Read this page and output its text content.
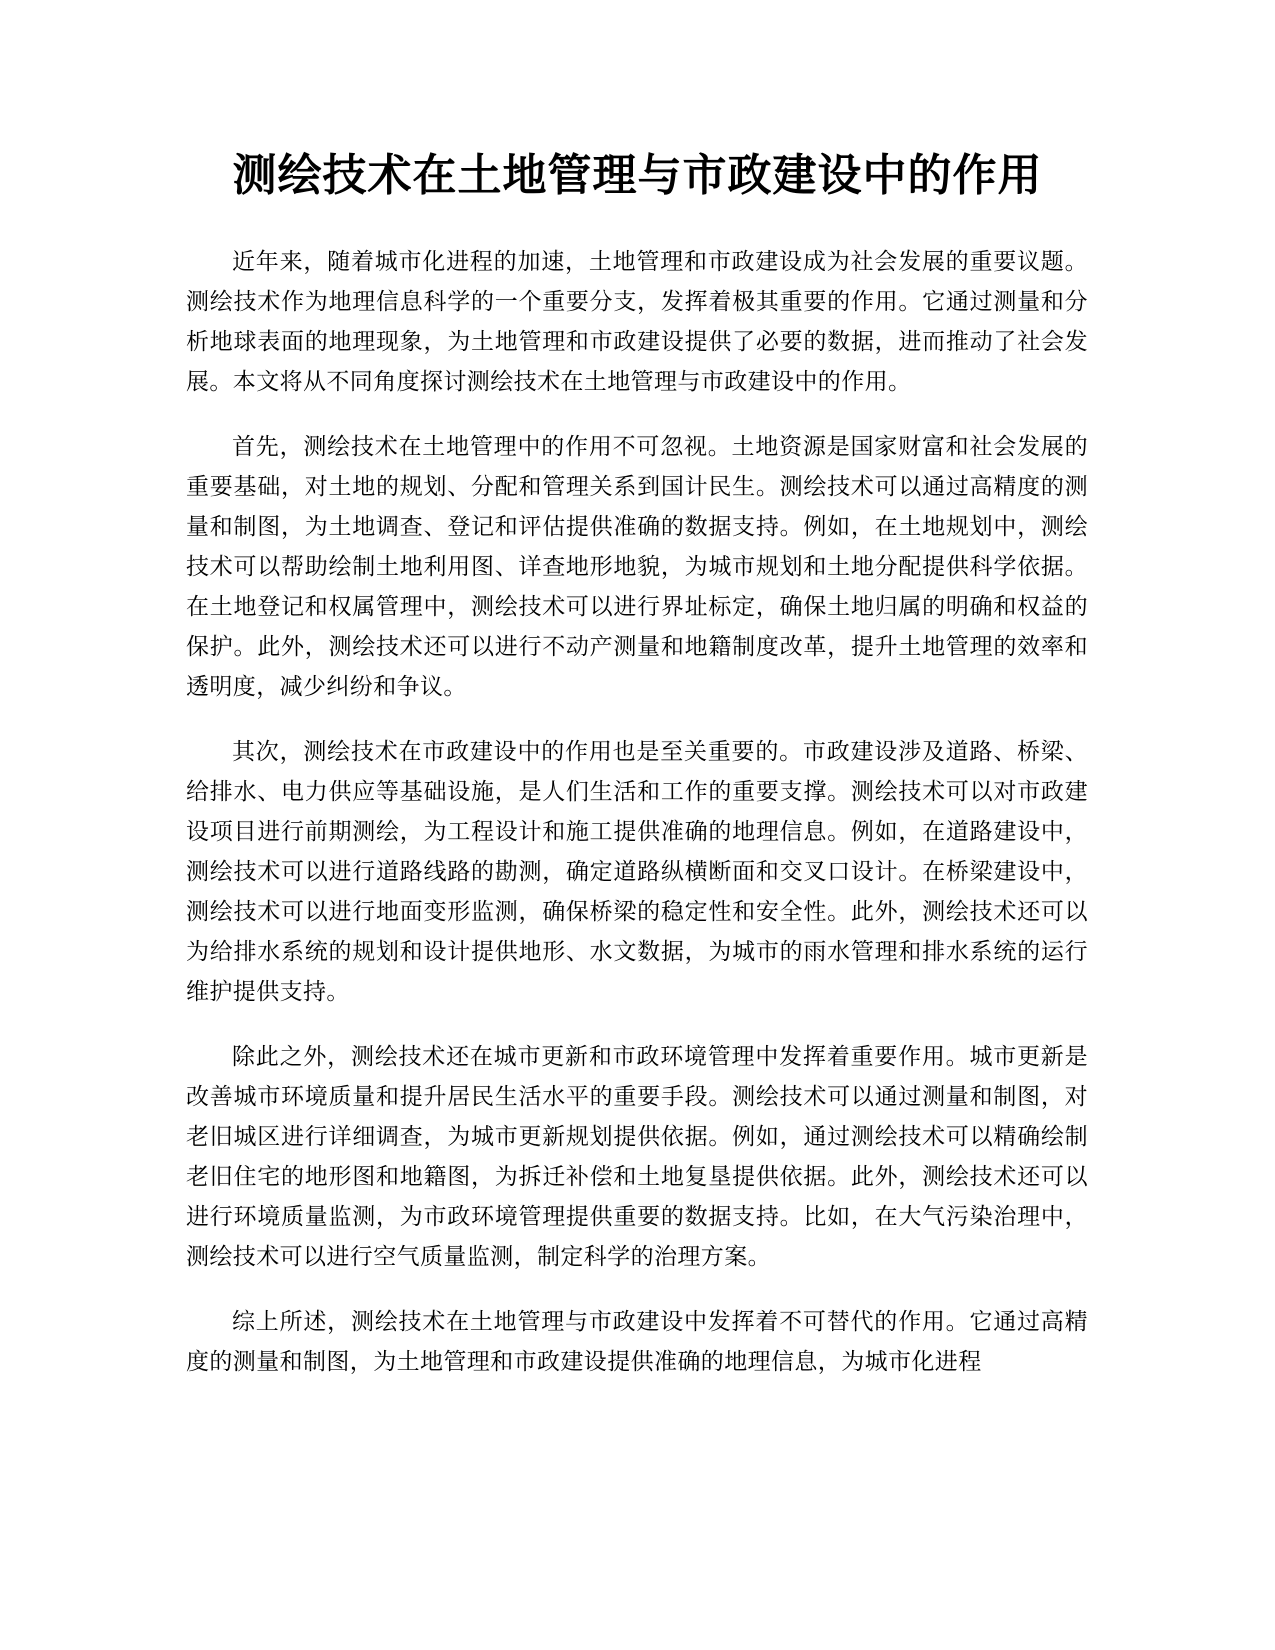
测绘技术在土地管理与市政建设中的作用

近年来，随着城市化进程的加速，土地管理和市政建设成为社会发展的重要议题。测绘技术作为地理信息科学的一个重要分支，发挥着极其重要的作用。它通过测量和分析地球表面的地理现象，为土地管理和市政建设提供了必要的数据，进而推动了社会发展。本文将从不同角度探讨测绘技术在土地管理与市政建设中的作用。

首先，测绘技术在土地管理中的作用不可忽视。土地资源是国家财富和社会发展的重要基础，对土地的规划、分配和管理关系到国计民生。测绘技术可以通过高精度的测量和制图，为土地调查、登记和评估提供准确的数据支持。例如，在土地规划中，测绘技术可以帮助绘制土地利用图、详查地形地貌，为城市规划和土地分配提供科学依据。在土地登记和权属管理中，测绘技术可以进行界址标定，确保土地归属的明确和权益的保护。此外，测绘技术还可以进行不动产测量和地籍制度改革，提升土地管理的效率和透明度，减少纠纷和争议。

其次，测绘技术在市政建设中的作用也是至关重要的。市政建设涉及道路、桥梁、给排水、电力供应等基础设施，是人们生活和工作的重要支撑。测绘技术可以对市政建设项目进行前期测绘，为工程设计和施工提供准确的地理信息。例如，在道路建设中，测绘技术可以进行道路线路的勘测，确定道路纵横断面和交叉口设计。在桥梁建设中，测绘技术可以进行地面变形监测，确保桥梁的稳定性和安全性。此外，测绘技术还可以为给排水系统的规划和设计提供地形、水文数据，为城市的雨水管理和排水系统的运行维护提供支持。

除此之外，测绘技术还在城市更新和市政环境管理中发挥着重要作用。城市更新是改善城市环境质量和提升居民生活水平的重要手段。测绘技术可以通过测量和制图，对老旧城区进行详细调查，为城市更新规划提供依据。例如，通过测绘技术可以精确绘制老旧住宅的地形图和地籍图，为拆迁补偿和土地复垦提供依据。此外，测绘技术还可以进行环境质量监测，为市政环境管理提供重要的数据支持。比如，在大气污染治理中，测绘技术可以进行空气质量监测，制定科学的治理方案。

综上所述，测绘技术在土地管理与市政建设中发挥着不可替代的作用。它通过高精度的测量和制图，为土地管理和市政建设提供准确的地理信息，为城市化进程
